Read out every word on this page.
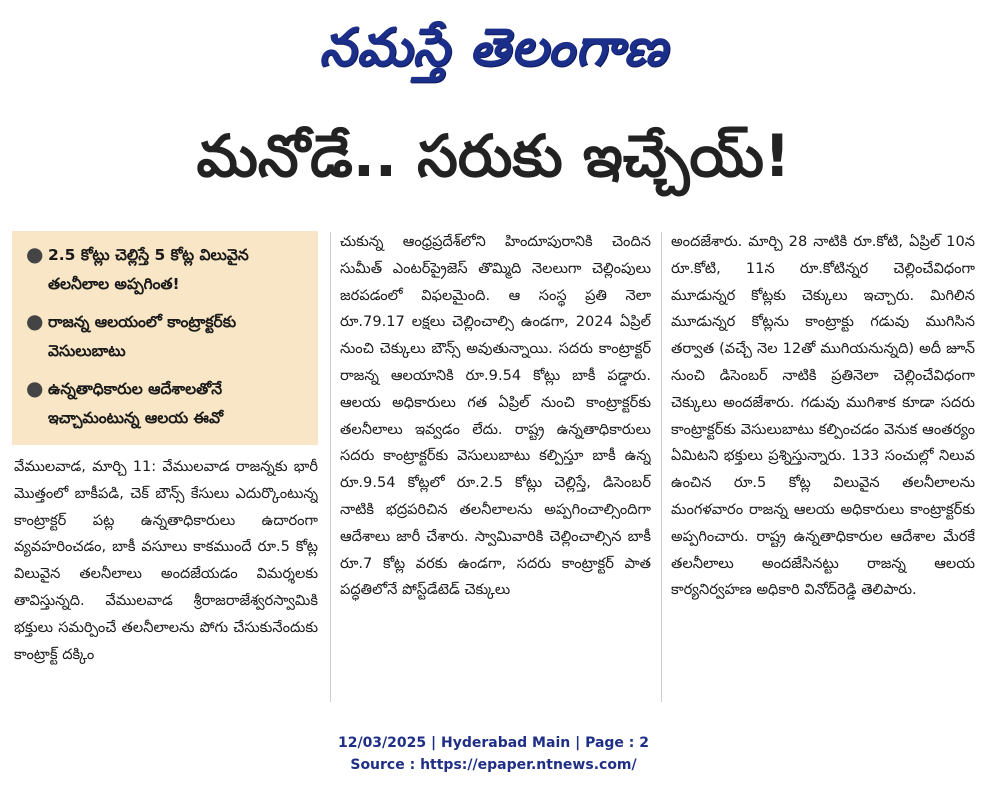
నమస్తే తెలంగాణ
మనోడే.. సరుకు ఇచ్చేయ్!
● 2.5 కోట్లు చెల్లిస్తే 5 కోట్ల విలువైన తలనీలాల అప్పగింత!
● రాజన్న ఆలయంలో కాంట్రాక్టర్‌కు వెసులుబాటు
● ఉన్నతాధికారుల ఆదేశాలతోనే ఇచ్చామంటున్న ఆలయ ఈవో
వేములవాడ, మార్చి 11: వేములవాడ రాజన్నకు భారీ మొత్తంలో బాకీపడి, చెక్ బౌన్స్ కేసులు ఎదుర్కొంటున్న కాంట్రాక్టర్ పట్ల ఉన్నతాధికారులు ఉదారంగా వ్యవహరించడం, బాకీ వసూలు కాకముందే రూ.5 కోట్ల విలువైన తలనీలాలు అందజేయడం విమర్శలకు తావిస్తున్నది. వేములవాడ శ్రీరాజరాజేశ్వరస్వామికి భక్తులు సమర్పించే తలనీలాలను పోగు చేసుకునేందుకు కాంట్రాక్ట్ దక్కిం
చుకున్న ఆంధ్రప్రదేశ్‌లోని హిందూపురానికి చెందిన సుమీత్ ఎంటర్‌ప్రైజెస్ తొమ్మిది నెలలుగా చెల్లింపులు జరపడంలో విఫలమైంది. ఆ సంస్థ ప్రతి నెలా రూ.79.17 లక్షలు చెల్లించాల్సి ఉండగా, 2024 ఏప్రిల్ నుంచి చెక్కులు బౌన్స్ అవుతున్నాయి. సదరు కాంట్రాక్టర్ రాజన్న ఆలయానికి రూ.9.54 కోట్లు బాకీ పడ్డారు. ఆలయ అధికారులు గత ఏప్రిల్ నుంచి కాంట్రాక్టర్‌కు తలనీలాలు ఇవ్వడం లేదు. రాష్ట్ర ఉన్నతాధికారులు సదరు కాంట్రాక్టర్‌కు వెసులుబాటు కల్పిస్తూ బాకీ ఉన్న రూ.9.54 కోట్లలో రూ.2.5 కోట్లు చెల్లిస్తే, డిసెంబర్ నాటికి భద్రపరిచిన తలనీలాలను అప్పగించాల్సిందిగా ఆదేశాలు జారీ చేశారు. స్వామివారికి చెల్లించాల్సిన బాకీ రూ.7 కోట్ల వరకు ఉండగా, సదరు కాంట్రాక్టర్ పాత పద్ధతిలోనే పోస్ట్‌డేటెడ్ చెక్కులు
అందజేశారు. మార్చి 28 నాటికి రూ.కోటి, ఏప్రిల్ 10న రూ.కోటి, 11న రూ.కోటిన్నర చెల్లించేవిధంగా మూడున్నర కోట్లకు చెక్కులు ఇచ్చారు. మిగిలిన మూడున్నర కోట్లను కాంట్రాక్టు గడువు ముగిసిన తర్వాత (వచ్చే నెల 12తో ముగియనున్నది) అదీ జూన్ నుంచి డిసెంబర్ నాటికి ప్రతినెలా చెల్లించేవిధంగా చెక్కులు అందజేశారు. గడువు ముగిశాక కూడా సదరు కాంట్రాక్టర్‌కు వెసులుబాటు కల్పించడం వెనుక ఆంతర్యం ఏమిటని భక్తులు ప్రశ్నిస్తున్నారు. 133 సంచుల్లో నిలువ ఉంచిన రూ.5 కోట్ల విలువైన తలనీలాలను మంగళవారం రాజన్న ఆలయ అధికారులు కాంట్రాక్టర్‌కు అప్పగించారు. రాష్ట్ర ఉన్నతాధికారుల ఆదేశాల మేరకే తలనీలాలు అందజేసినట్టు రాజన్న ఆలయ కార్యనిర్వహణ అధికారి వినోద్‌రెడ్డి తెలిపారు.
12/03/2025 | Hyderabad Main | Page : 2
Source : https://epaper.ntnews.com/
